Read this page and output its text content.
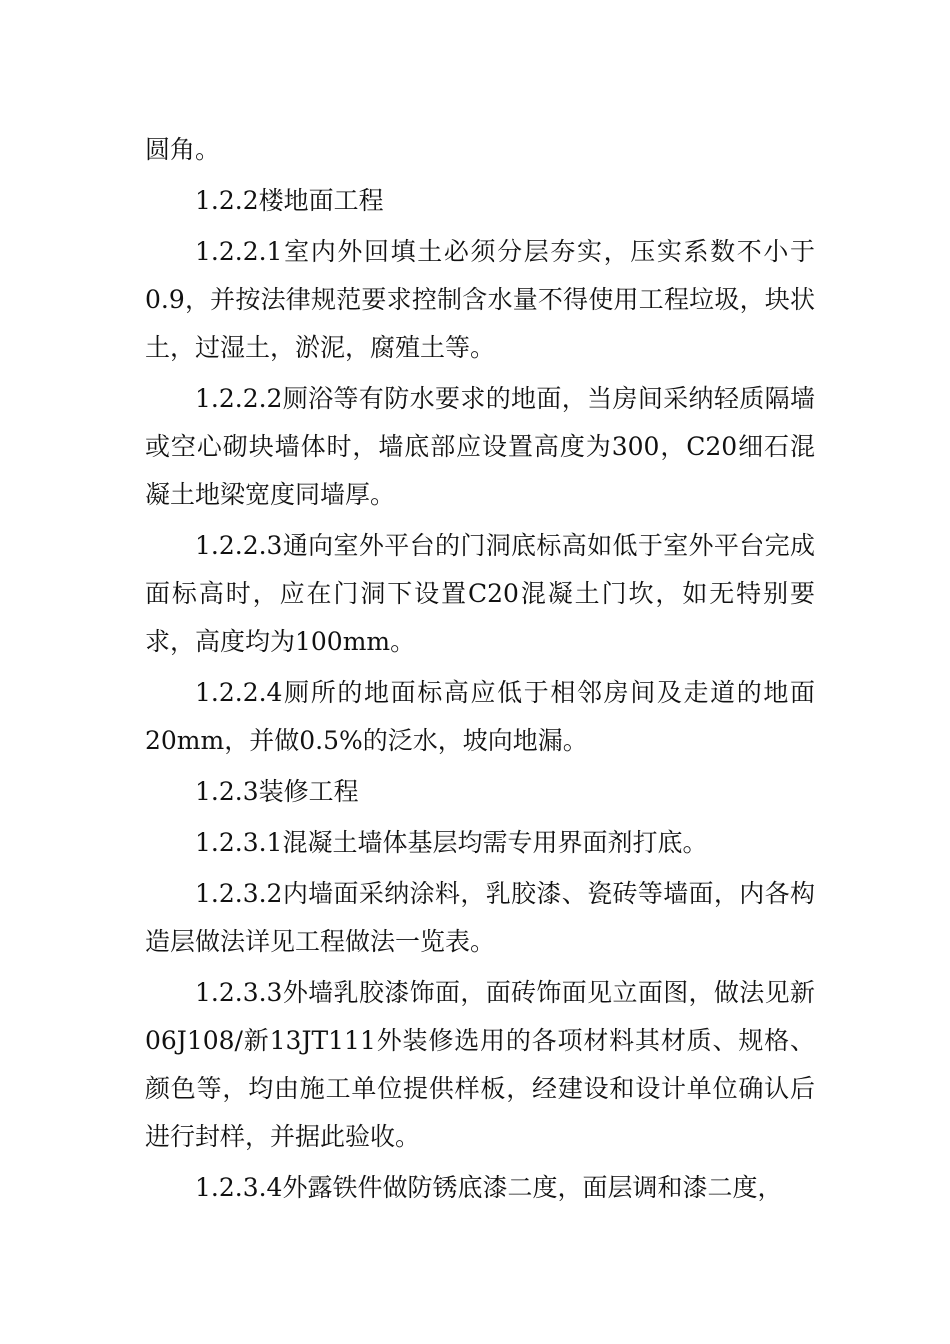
圆角。

1.2.2楼地面工程

1.2.2.1室内外回填土必须分层夯实，压实系数不小于0.9，并按法律规范要求控制含水量不得使用工程垃圾，块状土，过湿土，淤泥，腐殖土等。

1.2.2.2厕浴等有防水要求的地面，当房间采纳轻质隔墙或空心砌块墙体时，墙底部应设置高度为300，C20细石混凝土地梁宽度同墙厚。

1.2.2.3通向室外平台的门洞底标高如低于室外平台完成面标高时，应在门洞下设置C20混凝土门坎，如无特别要求，高度均为100mm。

1.2.2.4厕所的地面标高应低于相邻房间及走道的地面20mm，并做0.5%的泛水，坡向地漏。

1.2.3装修工程

1.2.3.1混凝土墙体基层均需专用界面剂打底。

1.2.3.2内墙面采纳涂料，乳胶漆、瓷砖等墙面，内各构造层做法详见工程做法一览表。

1.2.3.3外墙乳胶漆饰面，面砖饰面见立面图，做法见新06J108/新13JT111外装修选用的各项材料其材质、规格、颜色等，均由施工单位提供样板，经建设和设计单位确认后进行封样，并据此验收。

1.2.3.4外露铁件做防锈底漆二度，面层调和漆二度，
